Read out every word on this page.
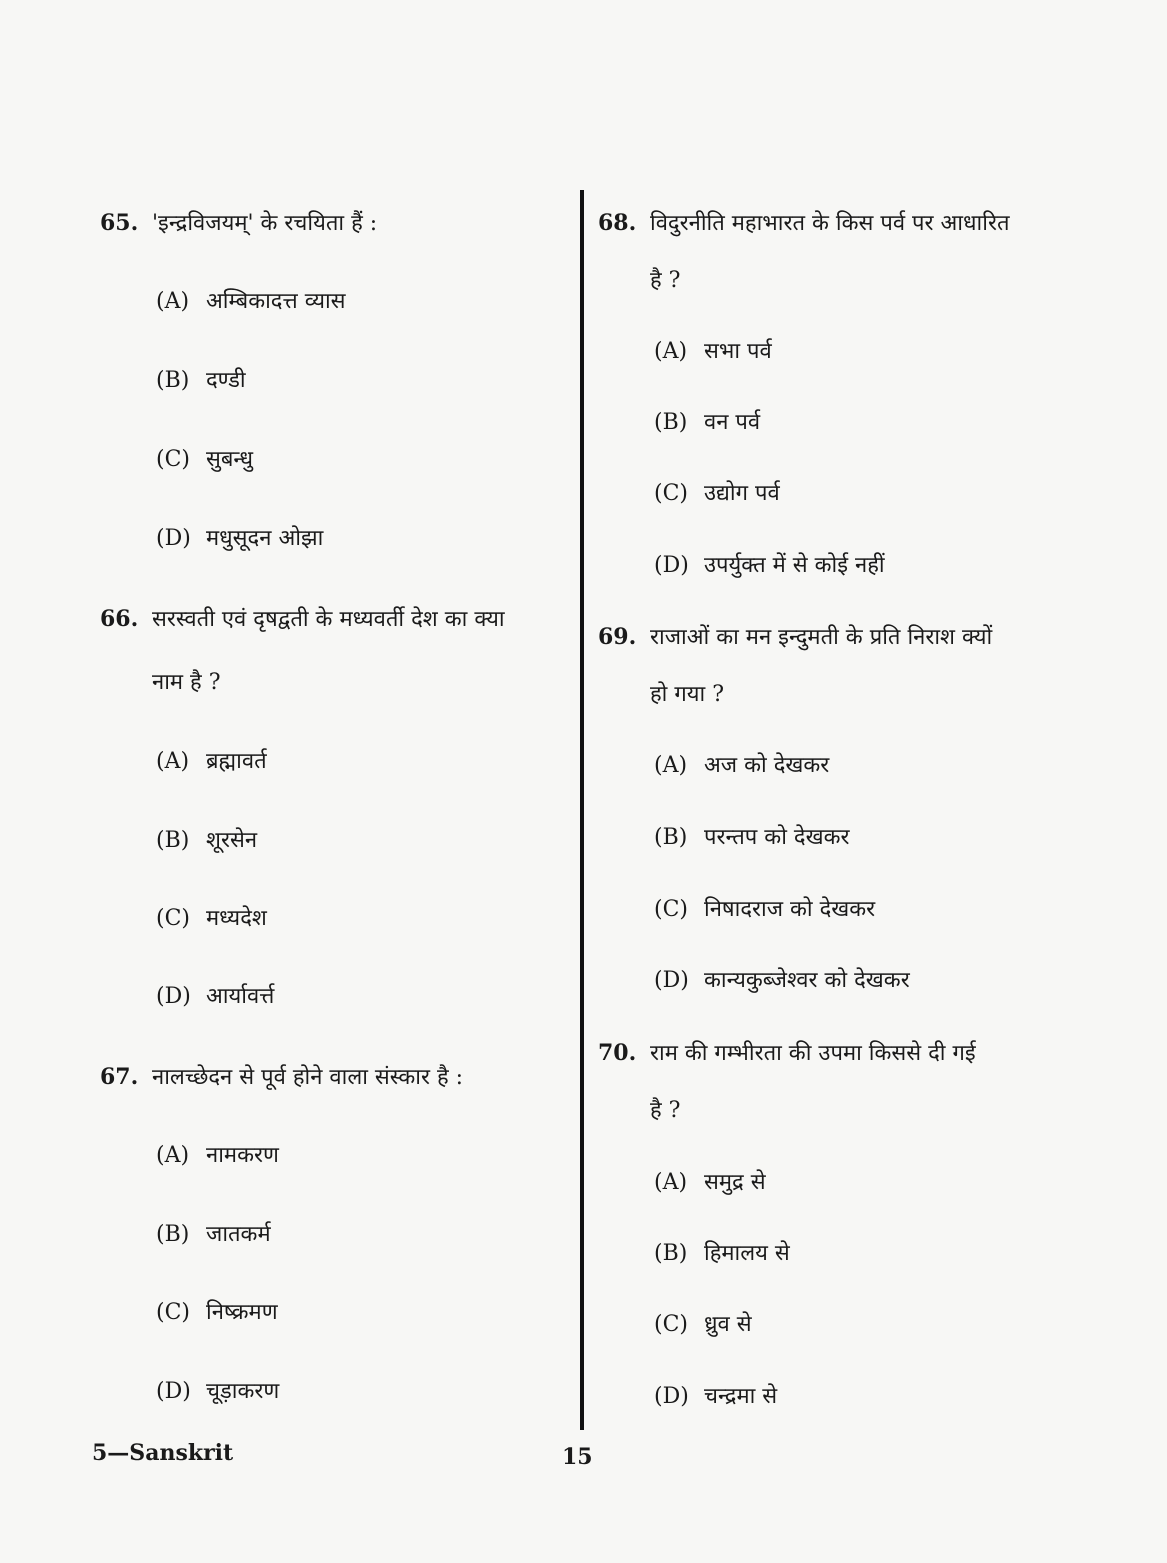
65. 'इन्द्रविजयम्' के रचयिता हैं :
(A) अम्बिकादत्त व्यास
(B) दण्डी
(C) सुबन्धु
(D) मधुसूदन ओझा
66. सरस्वती एवं दृषद्वती के मध्यवर्ती देश का क्या
नाम है ?
(A) ब्रह्मावर्त
(B) शूरसेन
(C) मध्यदेश
(D) आर्यावर्त्त
67. नालच्छेदन से पूर्व होने वाला संस्कार है :
(A) नामकरण
(B) जातकर्म
(C) निष्क्रमण
(D) चूड़ाकरण
68. विदुरनीति महाभारत के किस पर्व पर आधारित
है ?
(A) सभा पर्व
(B) वन पर्व
(C) उद्योग पर्व
(D) उपर्युक्त में से कोई नहीं
69. राजाओं का मन इन्दुमती के प्रति निराश क्यों
हो गया ?
(A) अज को देखकर
(B) परन्तप को देखकर
(C) निषादराज को देखकर
(D) कान्यकुब्जेश्वर को देखकर
70. राम की गम्भीरता की उपमा किससे दी गई
है ?
(A) समुद्र से
(B) हिमालय से
(C) ध्रुव से
(D) चन्द्रमा से
5—Sanskrit	15
